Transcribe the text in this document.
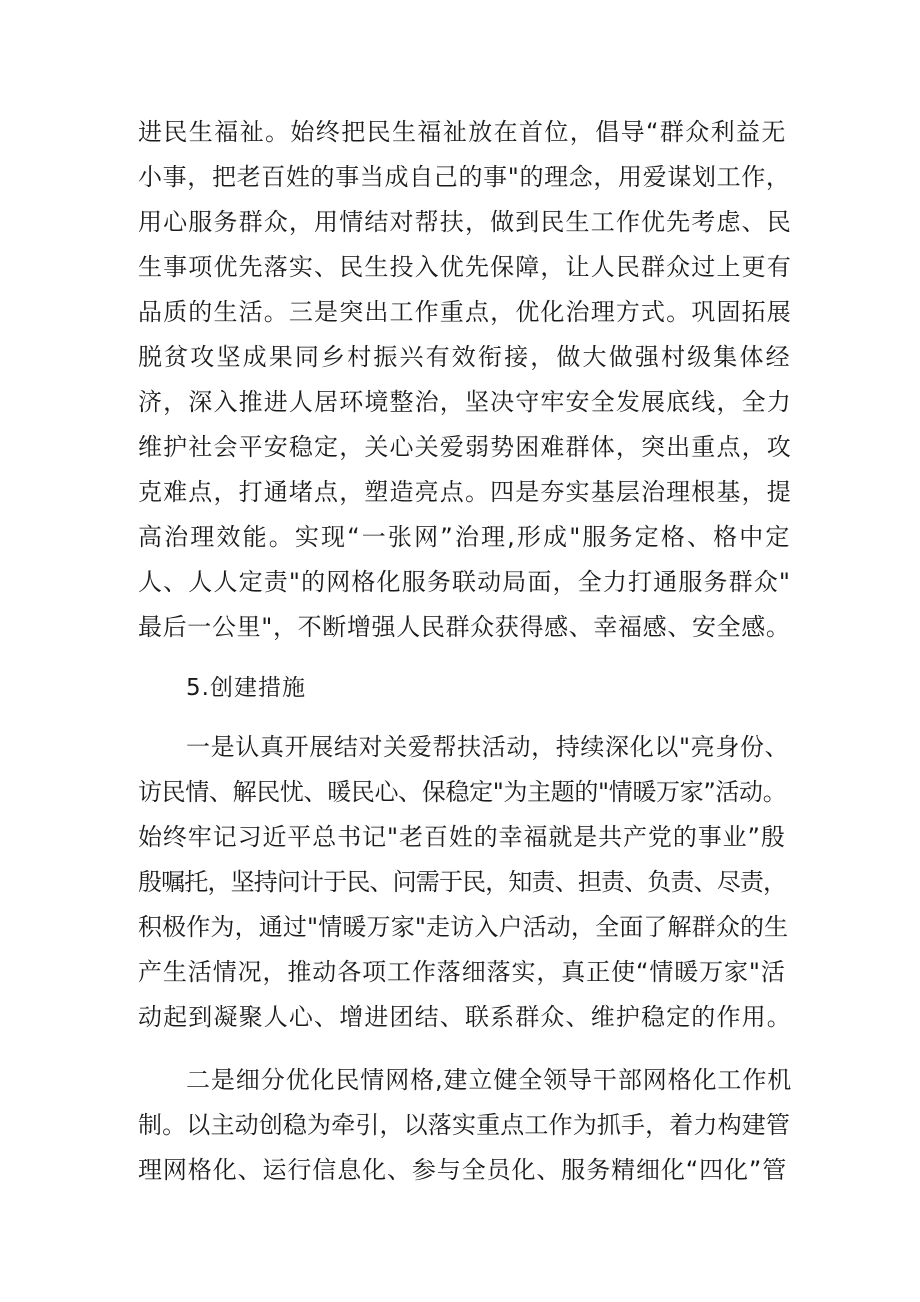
进民生福祉。始终把民生福祉放在首位，倡导“群众利益无
小事，把老百姓的事当成自己的事"的理念，用爱谋划工作，
用心服务群众，用情结对帮扶，做到民生工作优先考虑、民
生事项优先落实、民生投入优先保障，让人民群众过上更有
品质的生活。三是突出工作重点，优化治理方式。巩固拓展
脱贫攻坚成果同乡村振兴有效衔接，做大做强村级集体经
济，深入推进人居环境整治，坚决守牢安全发展底线，全力
维护社会平安稳定，关心关爱弱势困难群体，突出重点，攻
克难点，打通堵点，塑造亮点。四是夯实基层治理根基，提
高治理效能。实现“一张网”治理,形成"服务定格、格中定
人、人人定责"的网格化服务联动局面，全力打通服务群众"
最后一公里"，不断增强人民群众获得感、幸福感、安全感。
5.创建措施
一是认真开展结对关爱帮扶活动，持续深化以"亮身份、
访民情、解民忧、暖民心、保稳定"为主题的"情暖万家”活动。
始终牢记习近平总书记"老百姓的幸福就是共产党的事业”殷
殷嘱托，坚持问计于民、问需于民，知责、担责、负责、尽责，
积极作为，通过"情暖万家"走访入户活动，全面了解群众的生
产生活情况，推动各项工作落细落实，真正使“情暖万家"活
动起到凝聚人心、增进团结、联系群众、维护稳定的作用。
二是细分优化民情网格,建立健全领导干部网格化工作机
制。以主动创稳为牵引，以落实重点工作为抓手，着力构建管
理网格化、运行信息化、参与全员化、服务精细化“四化”管
